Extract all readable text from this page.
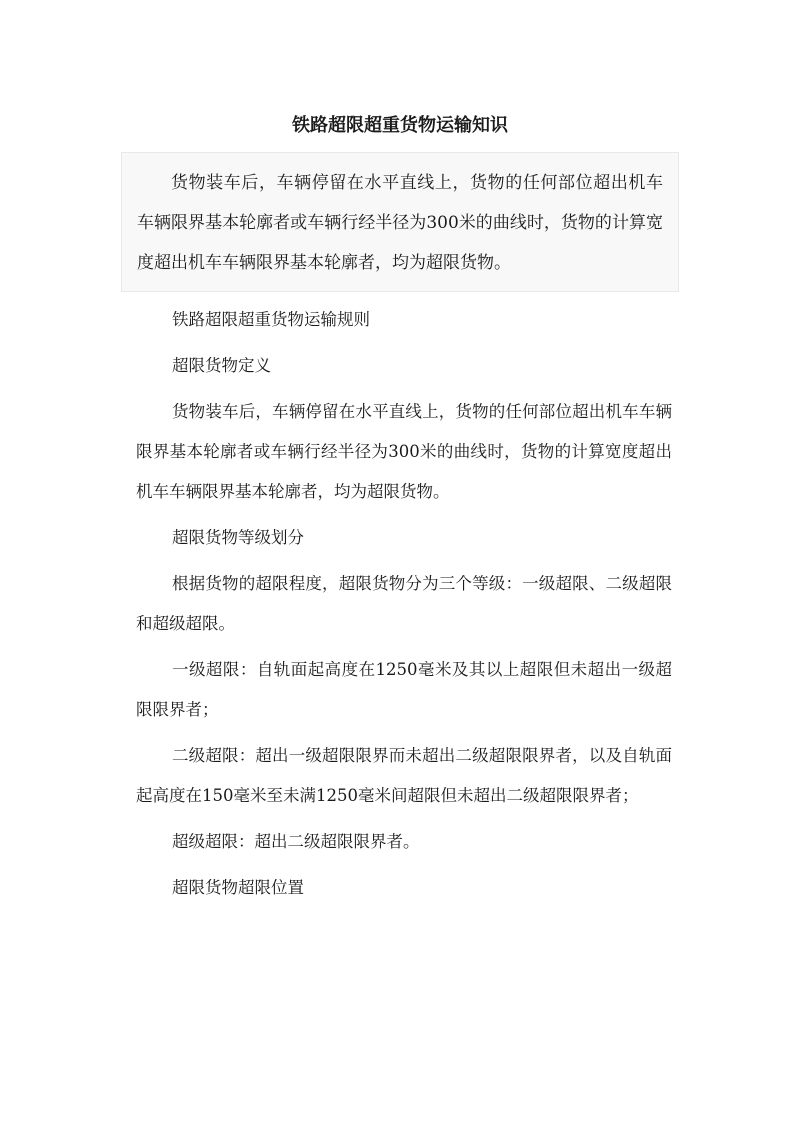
铁路超限超重货物运输知识
货物装车后，车辆停留在水平直线上，货物的任何部位超出机车车辆限界基本轮廓者或车辆行经半径为300米的曲线时，货物的计算宽度超出机车车辆限界基本轮廓者，均为超限货物。

铁路超限超重货物运输规则

超限货物定义

货物装车后，车辆停留在水平直线上，货物的任何部位超出机车车辆限界基本轮廓者或车辆行经半径为300米的曲线时，货物的计算宽度超出机车车辆限界基本轮廓者，均为超限货物。

超限货物等级划分

根据货物的超限程度，超限货物分为三个等级：一级超限、二级超限和超级超限。

一级超限：自轨面起高度在1250毫米及其以上超限但未超出一级超限限界者；

二级超限：超出一级超限限界而未超出二级超限限界者，以及自轨面起高度在150毫米至未满1250毫米间超限但未超出二级超限限界者；

超级超限：超出二级超限限界者。

超限货物超限位置
